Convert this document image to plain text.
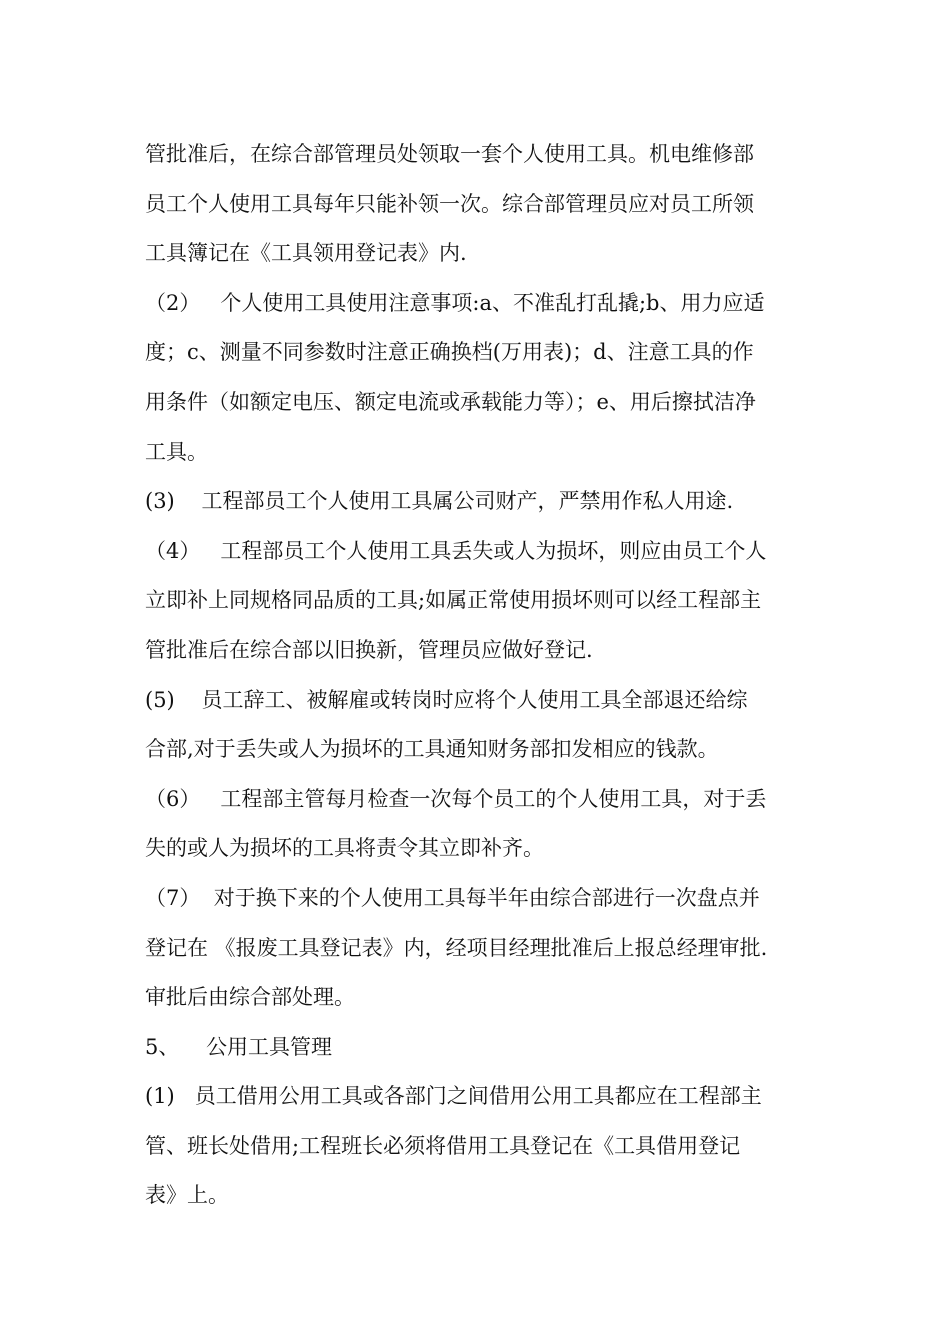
管批准后，在综合部管理员处领取一套个人使用工具。机电维修部
员工个人使用工具每年只能补领一次。综合部管理员应对员工所领
工具簿记在《工具领用登记表》内.
（2）   个人使用工具使用注意事项:a、不准乱打乱撬;b、用力应适
度；c、测量不同参数时注意正确换档(万用表)；d、注意工具的作
用条件（如额定电压、额定电流或承载能力等）；e、用后擦拭洁净
工具。
(3)    工程部员工个人使用工具属公司财产，严禁用作私人用途.
（4）   工程部员工个人使用工具丢失或人为损坏，则应由员工个人
立即补上同规格同品质的工具;如属正常使用损坏则可以经工程部主
管批准后在综合部以旧换新，管理员应做好登记.
(5)    员工辞工、被解雇或转岗时应将个人使用工具全部退还给综
合部,对于丢失或人为损坏的工具通知财务部扣发相应的钱款。
（6）   工程部主管每月检查一次每个员工的个人使用工具，对于丢
失的或人为损坏的工具将责令其立即补齐。
（7）  对于换下来的个人使用工具每半年由综合部进行一次盘点并
登记在 《报废工具登记表》内，经项目经理批准后上报总经理审批.
审批后由综合部处理。
5、    公用工具管理
(1)   员工借用公用工具或各部门之间借用公用工具都应在工程部主
管、班长处借用;工程班长必须将借用工具登记在《工具借用登记
表》上。
